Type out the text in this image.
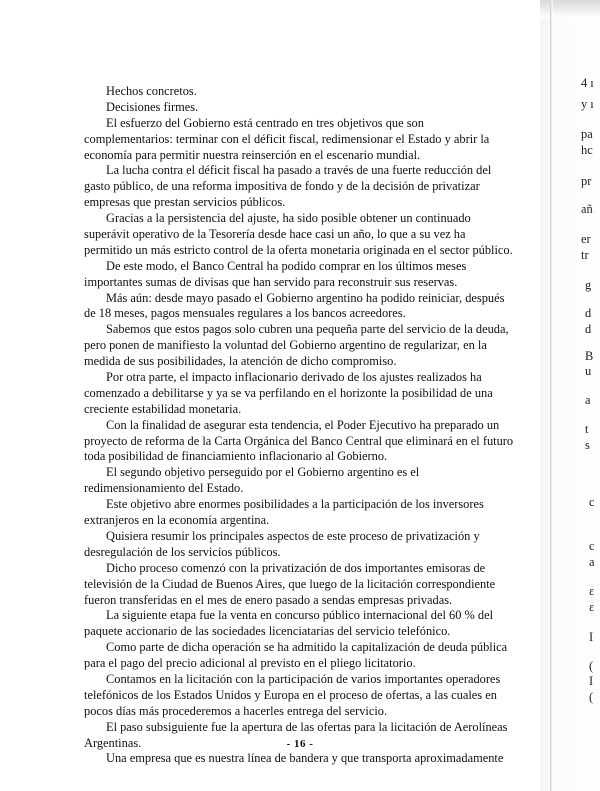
Hechos concretos.
Decisiones firmes.
El esfuerzo del Gobierno está centrado en tres objetivos que son
complementarios: terminar con el déficit fiscal, redimensionar el Estado y abrir la
economía para permitir nuestra reinserción en el escenario mundial.
La lucha contra el déficit fiscal ha pasado a través de una fuerte reducción del
gasto público, de una reforma impositiva de fondo y de la decisión de privatizar
empresas que prestan servicios públicos.
Gracias a la persistencia del ajuste, ha sido posible obtener un continuado
superávit operativo de la Tesorería desde hace casi un año, lo que a su vez ha
permitido un más estricto control de la oferta monetaria originada en el sector público.
De este modo, el Banco Central ha podido comprar en los últimos meses
importantes sumas de divisas que han servido para reconstruir sus reservas.
Más aún: desde mayo pasado el Gobierno argentino ha podido reiniciar, después
de 18 meses, pagos mensuales regulares a los bancos acreedores.
Sabemos que estos pagos solo cubren una pequeña parte del servicio de la deuda,
pero ponen de manifiesto la voluntad del Gobierno argentino de regularizar, en la
medida de sus posibilidades, la atención de dicho compromiso.
Por otra parte, el impacto inflacionario derivado de los ajustes realizados ha
comenzado a debilitarse y ya se va perfilando en el horizonte la posibilidad de una
creciente estabilidad monetaria.
Con la finalidad de asegurar esta tendencia, el Poder Ejecutivo ha preparado un
proyecto de reforma de la Carta Orgánica del Banco Central que eliminará en el futuro
toda posibilidad de financiamiento inflacionario al Gobierno.
El segundo objetivo perseguido por el Gobierno argentino es el
redimensionamiento del Estado.
Este objetivo abre enormes posibilidades a la participación de los inversores
extranjeros en la economía argentina.
Quisiera resumir los principales aspectos de este proceso de privatización y
desregulación de los servicios públicos.
Dicho proceso comenzó con la privatización de dos importantes emisoras de
televisión de la Ciudad de Buenos Aires, que luego de la licitación correspondiente
fueron transferidas en el mes de enero pasado a sendas empresas privadas.
La siguiente etapa fue la venta en concurso público internacional del 60 % del
paquete accionario de las sociedades licenciatarias del servicio telefónico.
Como parte de dicha operación se ha admitido la capitalización de deuda pública
para el pago del precio adicional al previsto en el pliego licitatorio.
Contamos en la licitación con la participación de varios importantes operadores
telefónicos de los Estados Unidos y Europa en el proceso de ofertas, a las cuales en
pocos días más procederemos a hacerles entrega del servicio.
El paso subsiguiente fue la apertura de las ofertas para la licitación de Aerolíneas
Argentinas.
Una empresa que es nuestra línea de bandera y que transporta aproximadamente
- 16 -
4 ı
y ı
pa
hc
pr
añ
er
tr
g
d
d
B
u
a
t
s
c
c
a
ε
ε
I
(
I
(
